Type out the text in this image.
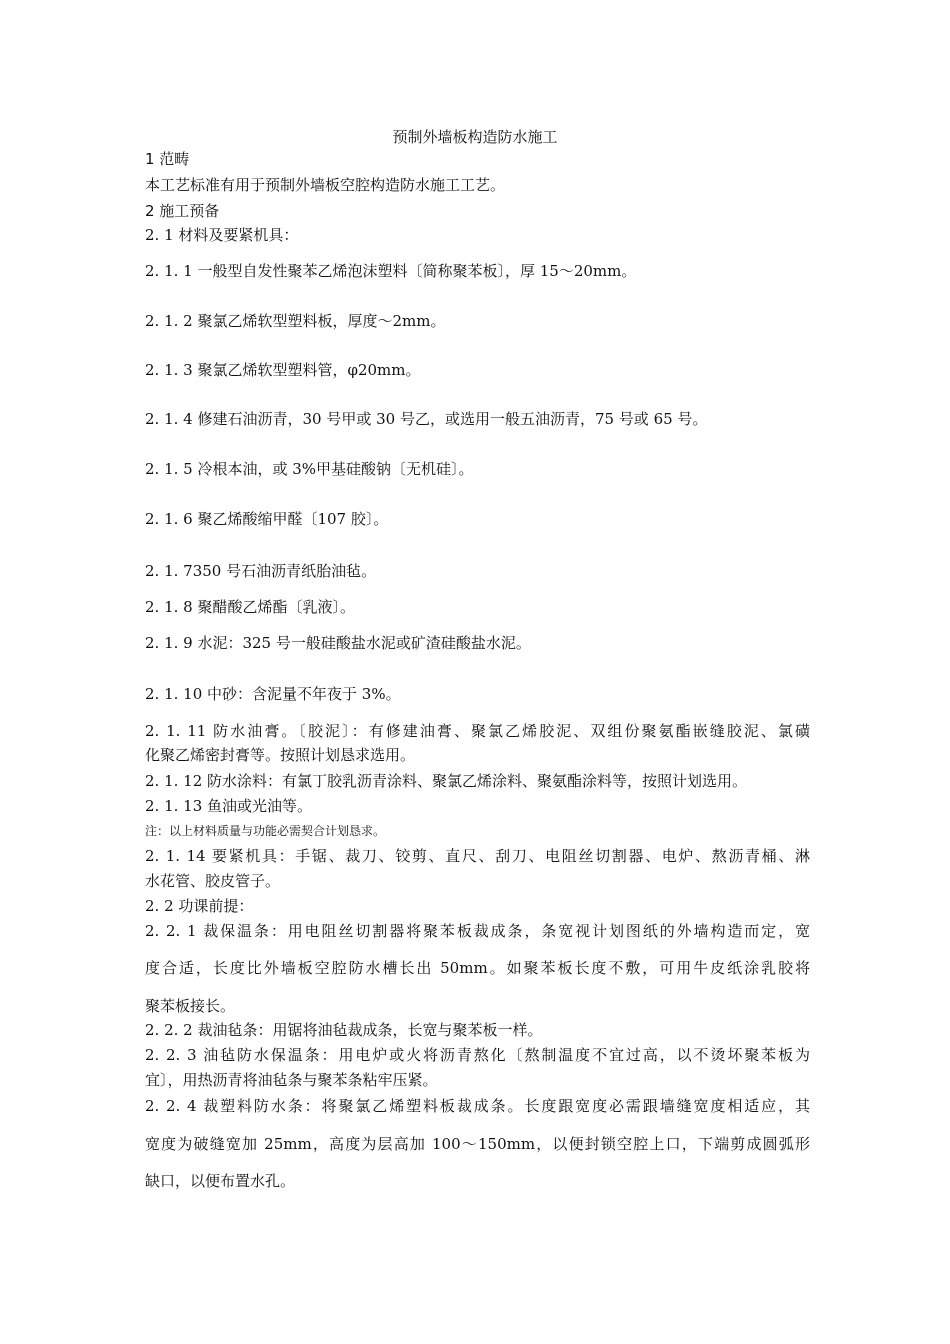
预制外墙板构造防水施工
1 范畴
本工艺标准有用于预制外墙板空腔构造防水施工工艺。
2 施工预备
2. 1 材料及要紧机具：
2. 1. 1 一般型自发性聚苯乙烯泡沫塑料〔简称聚苯板〕，厚 15～20mm。
2. 1. 2 聚氯乙烯软型塑料板，厚度～2mm。
2. 1. 3 聚氯乙烯软型塑料管，φ20mm。
2. 1. 4 修建石油沥青，30 号甲或 30 号乙，或选用一般五油沥青，75 号或 65 号。
2. 1. 5 冷根本油，或 3%甲基硅酸钠〔无机硅〕。
2. 1. 6 聚乙烯酸缩甲醛〔107 胶〕。
2. 1. 7350 号石油沥青纸胎油毡。
2. 1. 8 聚醋酸乙烯酯〔乳液〕。
2. 1. 9 水泥：325 号一般硅酸盐水泥或矿渣硅酸盐水泥。
2. 1. 10 中砂：含泥量不年夜于 3%。
2. 1. 11 防水油膏。〔胶泥〕：有修建油膏、聚氯乙烯胶泥、双组份聚氨酯嵌缝胶泥、氯磺
化聚乙烯密封膏等。按照计划恳求选用。
2. 1. 12 防水涂料：有氯丁胶乳沥青涂料、聚氯乙烯涂料、聚氨酯涂料等，按照计划选用。
2. 1. 13 鱼油或光油等。
注：以上材料质量与功能必需契合计划恳求。
2. 1. 14 要紧机具：手锯、裁刀、铰剪、直尺、刮刀、电阻丝切割器、电炉、熬沥青桶、淋
水花管、胶皮管子。
2. 2 功课前提：
2. 2. 1 裁保温条：用电阻丝切割器将聚苯板裁成条，条宽视计划图纸的外墙构造而定，宽
度合适，长度比外墙板空腔防水槽长出 50mm。如聚苯板长度不敷，可用牛皮纸涂乳胶将
聚苯板接长。
2. 2. 2 裁油毡条：用锯将油毡裁成条，长宽与聚苯板一样。
2. 2. 3 油毡防水保温条：用电炉或火将沥青熬化〔熬制温度不宜过高，以不烫坏聚苯板为
宜〕，用热沥青将油毡条与聚苯条粘牢压紧。
2. 2. 4 裁塑料防水条：将聚氯乙烯塑料板裁成条。长度跟宽度必需跟墙缝宽度相适应，其
宽度为破缝宽加 25mm，高度为层高加 100～150mm，以便封锁空腔上口，下端剪成圆弧形
缺口，以便布置水孔。
